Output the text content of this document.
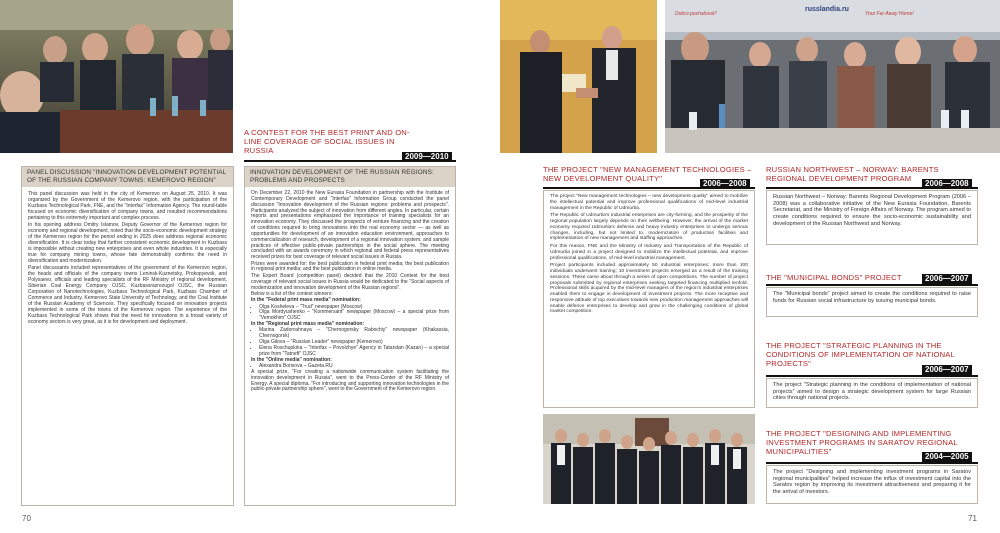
A CONTEST FOR THE BEST PRINT AND ON-LINE COVERAGE OF SOCIAL ISSUES IN RUSSIA
2009—2010
PANEL DISCUSSION "INNOVATION DEVELOPMENT POTENTIAL OF THE RUSSIAN COMPANY TOWNS: KEMEROVO REGION"

This panel discussion was held in the city of Kemerovo on August 25, 2010. It was organized by the Government of the Kemerovo region, with the participation of the Kuzbass Technological Park, FNE, and the "Interfax" Information Agency. The round-table focused on economic diversification of company towns, and resulted recommendations pertaining to this extremely important and complex process.

In his opening address Dmitry Islamov, Deputy Governor of the Kemerovo region for economy and regional development, noted that the socio-economic development strategy of the Kemerovo region for the period ending in 2025 does address regional economic diversification. It is clear today that further consistent economic development in Kuzbass is impossible without creating new enterprises and even whole industries. It is especially true for company mining towns, whose fate demonstrably confirms the need in diversification and modernization.

Panel discussants included representatives of the government of the Kemerovo region, the heads and officials of the company towns Leninsk-Kuznetsky, Prokopyevsk, and Polysaevo, officials and leading specialists of the RF Ministry of regional development, Siberian Coal Energy Company OJSC, Kuzbassrazrezugol OJSC, the Russian Corporation of Nanotechnologies, Kuzbass Technological Park, Kuzbass Chamber of Commerce and Industry, Kemerovo State University of Technology, and the Coal Institute of the Russian Academy of Sciences. They specifically focused on innovation projects implemented in some of the towns of the Kemerovo region. The experience of the Kuzbass Technological Park shows that the need for innovations in a broad variety of economy sectors is very great, as it is for development and deployment.

INNOVATION DEVELOPMENT OF THE RUSSIAN REGIONS: PROBLEMS AND PROSPECTS

On December 22, 2010 the New Eurasia Foundation in partnership with the Institute of Contemporary Development and "Interfax" Information Group conducted the panel discussion "Innovation development of the Russian regions: problems and prospects". Participants analyzed the subject of innovation from different angles. In particular, certain reports and presentations emphasized the importance of training specialists for an innovation economy. They discussed the prospects of venture financing and the creation of conditions required to bring innovations into the real economy sector — as well as opportunities for development of an innovation education environment, approaches to commercialization of research, development of a regional innovation system, and sample practices of effective public-private partnerships in the social sphere. The meeting concluded with an awards ceremony in which regional and federal press representatives received prizes for best coverage of relevant social issues in Russia.

Prizes were awarded for: the best publication in federal print media; the best publication in regional print media; and the best publication in online media.

The Expert Board (competition panel) decided that the 2010 Contest for the best coverage of relevant social issues in Russia would be dedicated to the "Social aspects of modernization and innovation development of the Russian regions".

Below is a list of the contest winners:

In the "Federal print mass media" nomination:

• Olga Kosheleva – "Trud" newspaper (Moscow)
• Olga Mordyushenko – "Kommersant" newspaper (Moscow) – a special prize from "Vemokhim" OJSC

In the "Regional print mass media" nomination:

• Marina Zadoroзhnaya – "Chernogorsky Rabochiy" newspaper (Khakassia, Chernogorsk)
• Olga Gilova – "Russian Leader" newspaper (Kemerovo)
• Elena Roschupkina – "Interfax – Povolzhye" Agency in Tatarstan (Kazan) – a special prize from "Tatneft" OJSC

In the "Online media" nomination:

• Alexandra Borisova – Gazeta.RU

A special prize, "For creating a nationwide communication system facilitating the innovation development in Russia", went to the Press-Center of the RF Ministry of Energy. A special diploma, "For introducing and supporting innovation technologies in the public-private partnership sphere", went to the Government of the Kemerovo region.

70
Dobro pozhalovat'!
russlandia.ru
Your Far Away Home!
THE PROJECT "NEW MANAGEMENT TECHNOLOGIES – NEW DEVELOPMENT QUALITY"
2006—2008

The project "New management technologies – new development quality" aimed to mobilize the intellectual potential and improve professional qualifications of mid-level industrial management in the Republic of Udmurtia.

The Republic of Udmurtia's industrial enterprises are city-forming, and the prosperity of the regional population largely depends on their wellbeing. However, the arrival of the market economy required Udmurtia's defense and heavy industry enterprises to undergo serious changes, including, but not limited to, modernization of production facilities and implementation of new management and staffing approaches.

For this reason, FNE and the Ministry of Industry and Transportation of the Republic of Udmurtia joined in a project designed to mobilize the intellectual potential, and improve professional qualifications, of mid-level industrial management.

Project participants included approximately 50 industrial enterprises; more than 100 individuals underwent training; 10 investment projects emerged as a result of the training sessions. These came about through a series of open competitions. The number of project proposals submitted by regional enterprises seeking targeted financing multiplied tenfold. Professional skills acquired by the mid-level managers of the region's industrial enterprises enabled them to engage in development of investment projects. The more receptive and responsive attitude of top executives towards new production management approaches will enable defence enterprises to develop and grow in the challenging conditions of global market competition.

RUSSIAN NORTHWEST – NORWAY: BARENTS REGIONAL DEVELOPMENT PROGRAM
2006—2008
Russian Northwest – Norway: Barents Regional Development Program (2006 – 2008) was a collaborative initiative of the New Eurasia Foundation, Barents Secretariat, and the Ministry of Foreign Affairs of Norway. The program aimed to create conditions required to ensure the socio-economic sustainability and development of the Russian Northwest and Norway.
THE "MUNICIPAL BONDS" PROJECT	2006—2007
The "Municipal bonds" project aimed to create the conditions required to raise funds for Russian social infrastructure by issuing municipal bonds.
THE PROJECT "STRATEGIC PLANNING IN THE CONDITIONS OF IMPLEMENTATION OF NATIONAL PROJECTS"
2006—2007
The project "Strategic planning in the conditions of implementation of national projects" aimed to design a strategic development system for large Russian cities through national projects.
THE PROJECT "DESIGNING AND IMPLEMENTING INVESTMENT PROGRAMS IN SARATOV REGIONAL MUNICIPALITIES"
2004—2005
The project "Designing and implementing investment programs in Saratov regional municipalities" helped increase the influx of investment capital into the Saratov region by improving its investment attractiveness and preparing it for the arrival of investors.
71
